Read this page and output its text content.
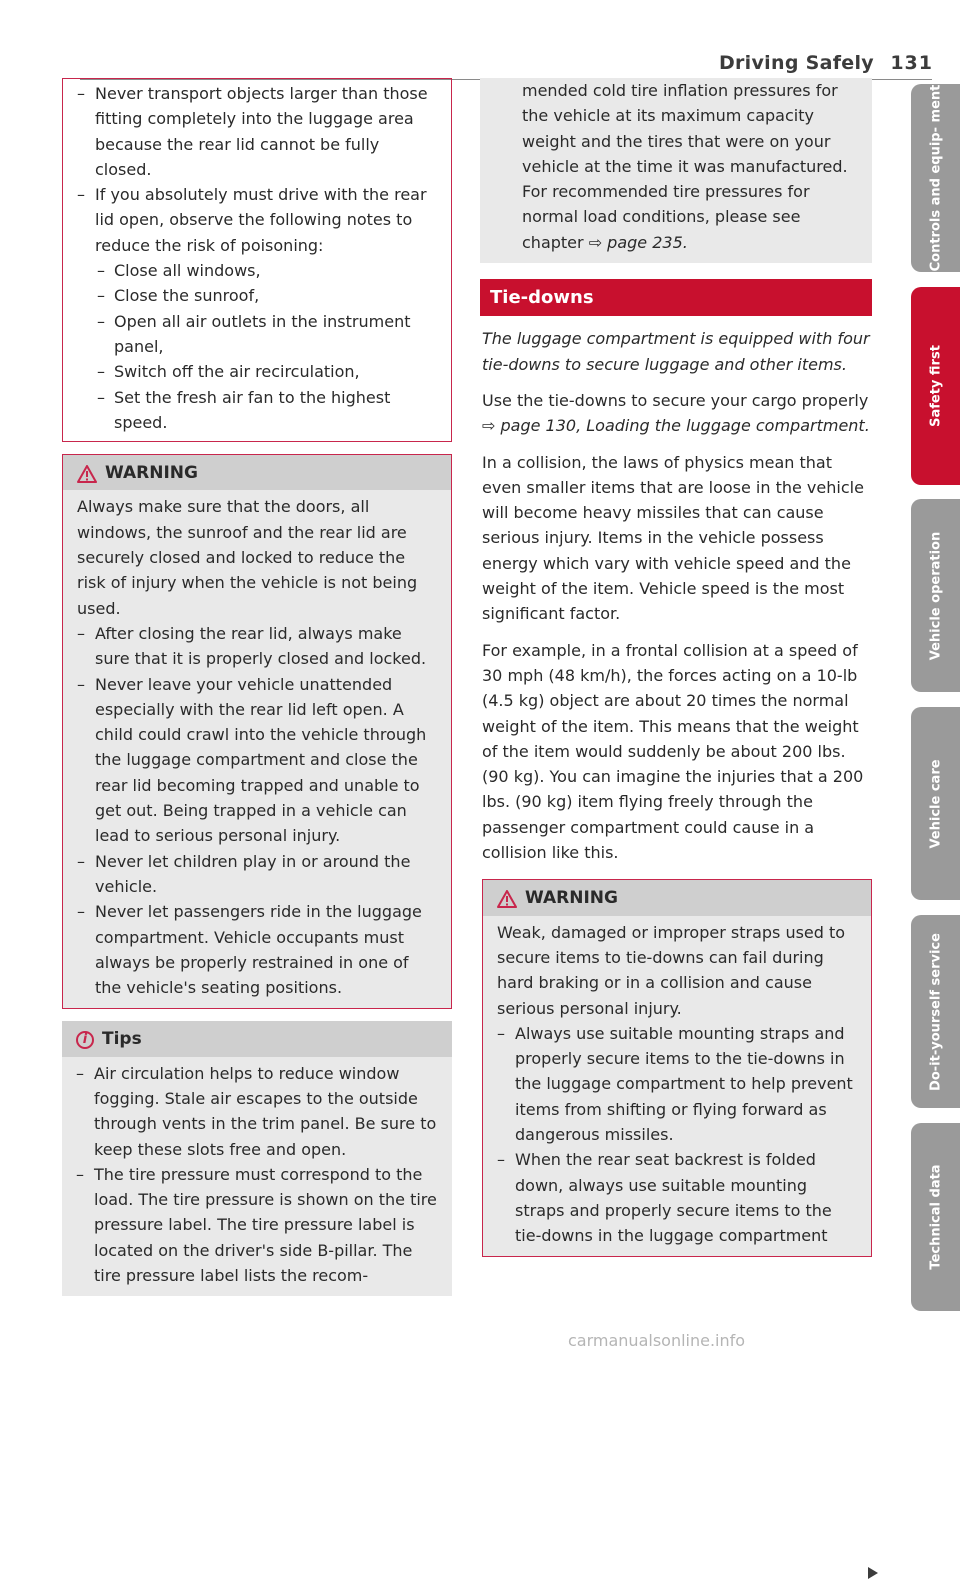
Driving Safely 131

– Never transport objects larger than those fitting completely into the luggage area because the rear lid cannot be fully closed.

– If you absolutely must drive with the rear lid open, observe the following notes to reduce the risk of poisoning:

– Close all windows,

– Close the sunroof,

– Open all air outlets in the instrument panel,

– Switch off the air recirculation,

– Set the fresh air fan to the highest speed.

WARNING

Always make sure that the doors, all windows, the sunroof and the rear lid are securely closed and locked to reduce the risk of injury when the vehicle is not being used.

– After closing the rear lid, always make sure that it is properly closed and locked.

– Never leave your vehicle unattended especially with the rear lid left open. A child could crawl into the vehicle through the luggage compartment and close the rear lid becoming trapped and unable to get out. Being trapped in a vehicle can lead to serious personal injury.

– Never let children play in or around the vehicle.

– Never let passengers ride in the luggage compartment. Vehicle occupants must always be properly restrained in one of the vehicle's seating positions.

i Tips

– Air circulation helps to reduce window fogging. Stale air escapes to the outside through vents in the trim panel. Be sure to keep these slots free and open.

– The tire pressure must correspond to the load. The tire pressure is shown on the tire pressure label. The tire pressure label is located on the driver's side B-pillar. The tire pressure label lists the recom-

mended cold tire inflation pressures for the vehicle at its maximum capacity weight and the tires that were on your vehicle at the time it was manufactured. For recommended tire pressures for normal load conditions, please see chapter ⇨ page 235.

Tie-downs

The luggage compartment is equipped with four tie-downs to secure luggage and other items.

Use the tie-downs to secure your cargo properly ⇨ page 130, Loading the luggage compartment.

In a collision, the laws of physics mean that even smaller items that are loose in the vehicle will become heavy missiles that can cause serious injury. Items in the vehicle possess energy which vary with vehicle speed and the weight of the item. Vehicle speed is the most significant factor.

For example, in a frontal collision at a speed of 30 mph (48 km/h), the forces acting on a 10-lb (4.5 kg) object are about 20 times the normal weight of the item. This means that the weight of the item would suddenly be about 200 lbs. (90 kg). You can imagine the injuries that a 200 lbs. (90 kg) item flying freely through the passenger compartment could cause in a collision like this.

WARNING

Weak, damaged or improper straps used to secure items to tie-downs can fail during hard braking or in a collision and cause serious personal injury.

– Always use suitable mounting straps and properly secure items to the tie-downs in the luggage compartment to help prevent items from shifting or flying forward as dangerous missiles.

– When the rear seat backrest is folded down, always use suitable mounting straps and properly secure items to the tie-downs in the luggage compartment

Controls and equip- ment
Safety first
Vehicle operation
Vehicle care
Do-it-yourself service
Technical data
carmanualsonline.info
